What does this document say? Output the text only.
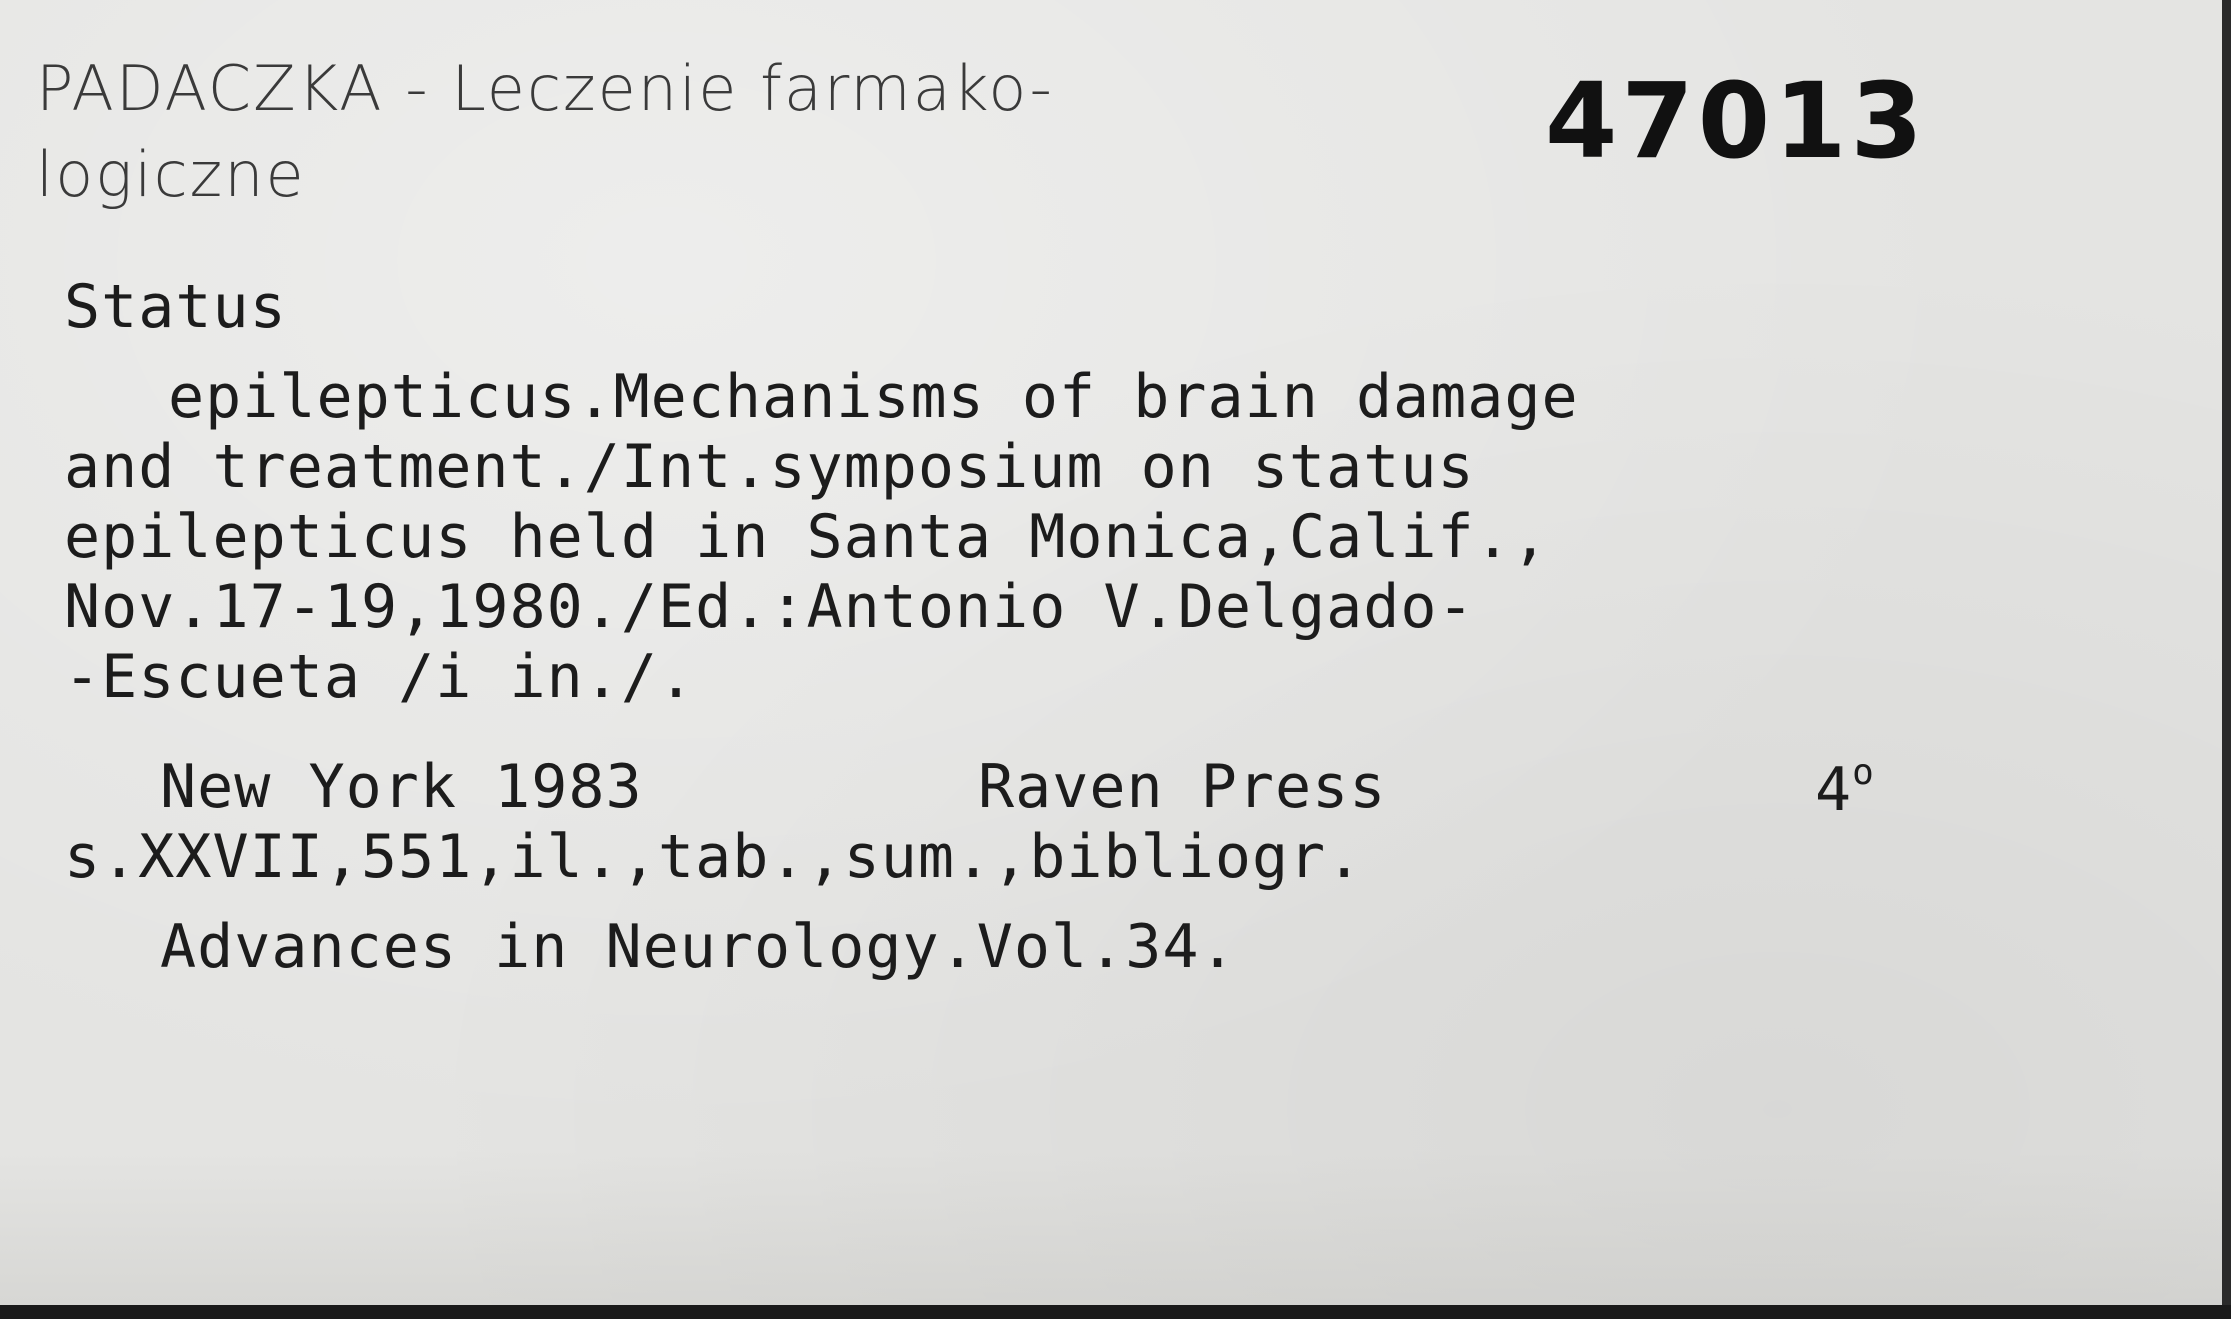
PADACZKA - Leczenie farmako-
logiczne	47013
Status
epilepticus.Mechanisms of brain damage
and treatment./Int.symposium on status
epilepticus held in Santa Monica,Calif.,
Nov.17-19,1980./Ed.:Antonio V.Delgado-
-Escueta /i in./.
New York 1983	Raven Press	4$^o$
s.XXVII,551,il.,tab.,sum.,bibliogr.
Advances in Neurology.Vol.34.
